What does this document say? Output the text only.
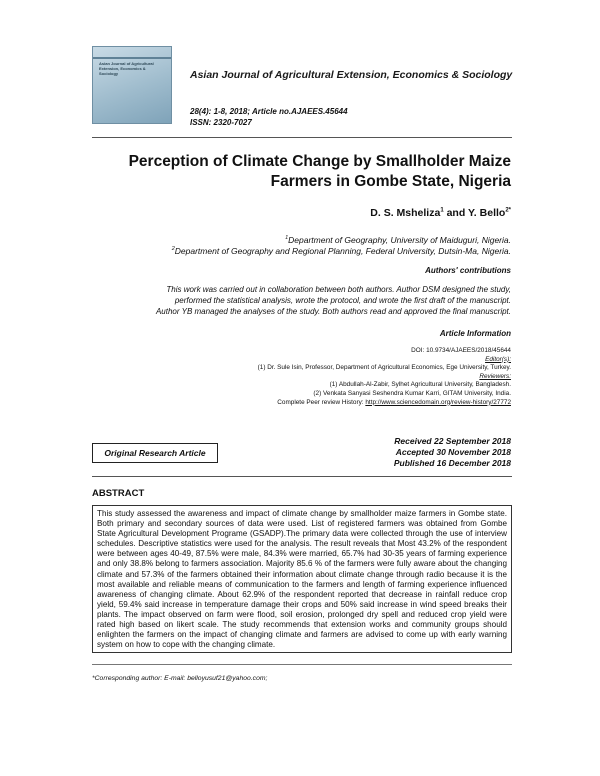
Asian Journal of Agricultural Extension, Economics & Sociology	Asian Journal of Agricultural Extension, Economics & Sociology
28(4): 1-8, 2018; Article no.AJAEES.45644
ISSN: 2320-7027
Perception of Climate Change by Smallholder Maize
Farmers in Gombe State, Nigeria
D. S. Msheliza$^1$ and Y. Bello$^{2*}$
$^1$Department of Geography, University of Maiduguri, Nigeria.
$^2$Department of Geography and Regional Planning, Federal University, Dutsin-Ma, Nigeria.
Authors' contributions
This work was carried out in collaboration between both authors. Author DSM designed the study,
performed the statistical analysis, wrote the protocol, and wrote the first draft of the manuscript.
Author YB managed the analyses of the study. Both authors read and approved the final manuscript.
Article Information
DOI: 10.9734/AJAEES/2018/45644
Editor(s):
(1) Dr. Sule Isin, Professor, Department of Agricultural Economics, Ege University, Turkey.
Reviewers:
(1) Abdullah-Al-Zabir, Sylhet Agricultural University, Bangladesh.
(2) Venkata Sanyasi Seshendra Kumar Karri, GITAM University, India.
Complete Peer review History: http://www.sciencedomain.org/review-history/27772
Received 22 September 2018
Accepted 30 November 2018
Published 16 December 2018
Original Research Article
ABSTRACT
This study assessed the awareness and impact of climate change by smallholder maize farmers in Gombe state. Both primary and secondary sources of data were used. List of registered farmers was obtained from Gombe State Agricultural Development Programe (GSADP).The primary data were collected through the use of interview schedules. Descriptive statistics were used for the analysis. The result reveals that Most 43.2% of the respondent were between ages 40-49, 87.5% were male, 84.3% were married, 65.7% had 30-35 years of farming experience and only 38.8% belong to farmers association. Majority 85.6 % of the farmers were fully aware about the changing climate and 57.3% of the farmers obtained their information about climate change through radio because it is the most available and reliable means of communication to the farmers and length of farming experience influenced awareness of changing climate. About 62.9% of the respondent reported that decrease in rainfall reduce crop yield, 59.4% said increase in temperature damage their crops and 50% said increase in wind speed breaks their plants. The impact observed on farm were flood, soil erosion, prolonged dry spell and reduced crop yield were rated high based on likert scale. The study recommends that extension works and community groups should enlighten the farmers on the impact of changing climate and farmers are advised to come up with early warning system on how to cope with the changing climate.
*Corresponding author: E-mail: belloyusuf21@yahoo.com;
